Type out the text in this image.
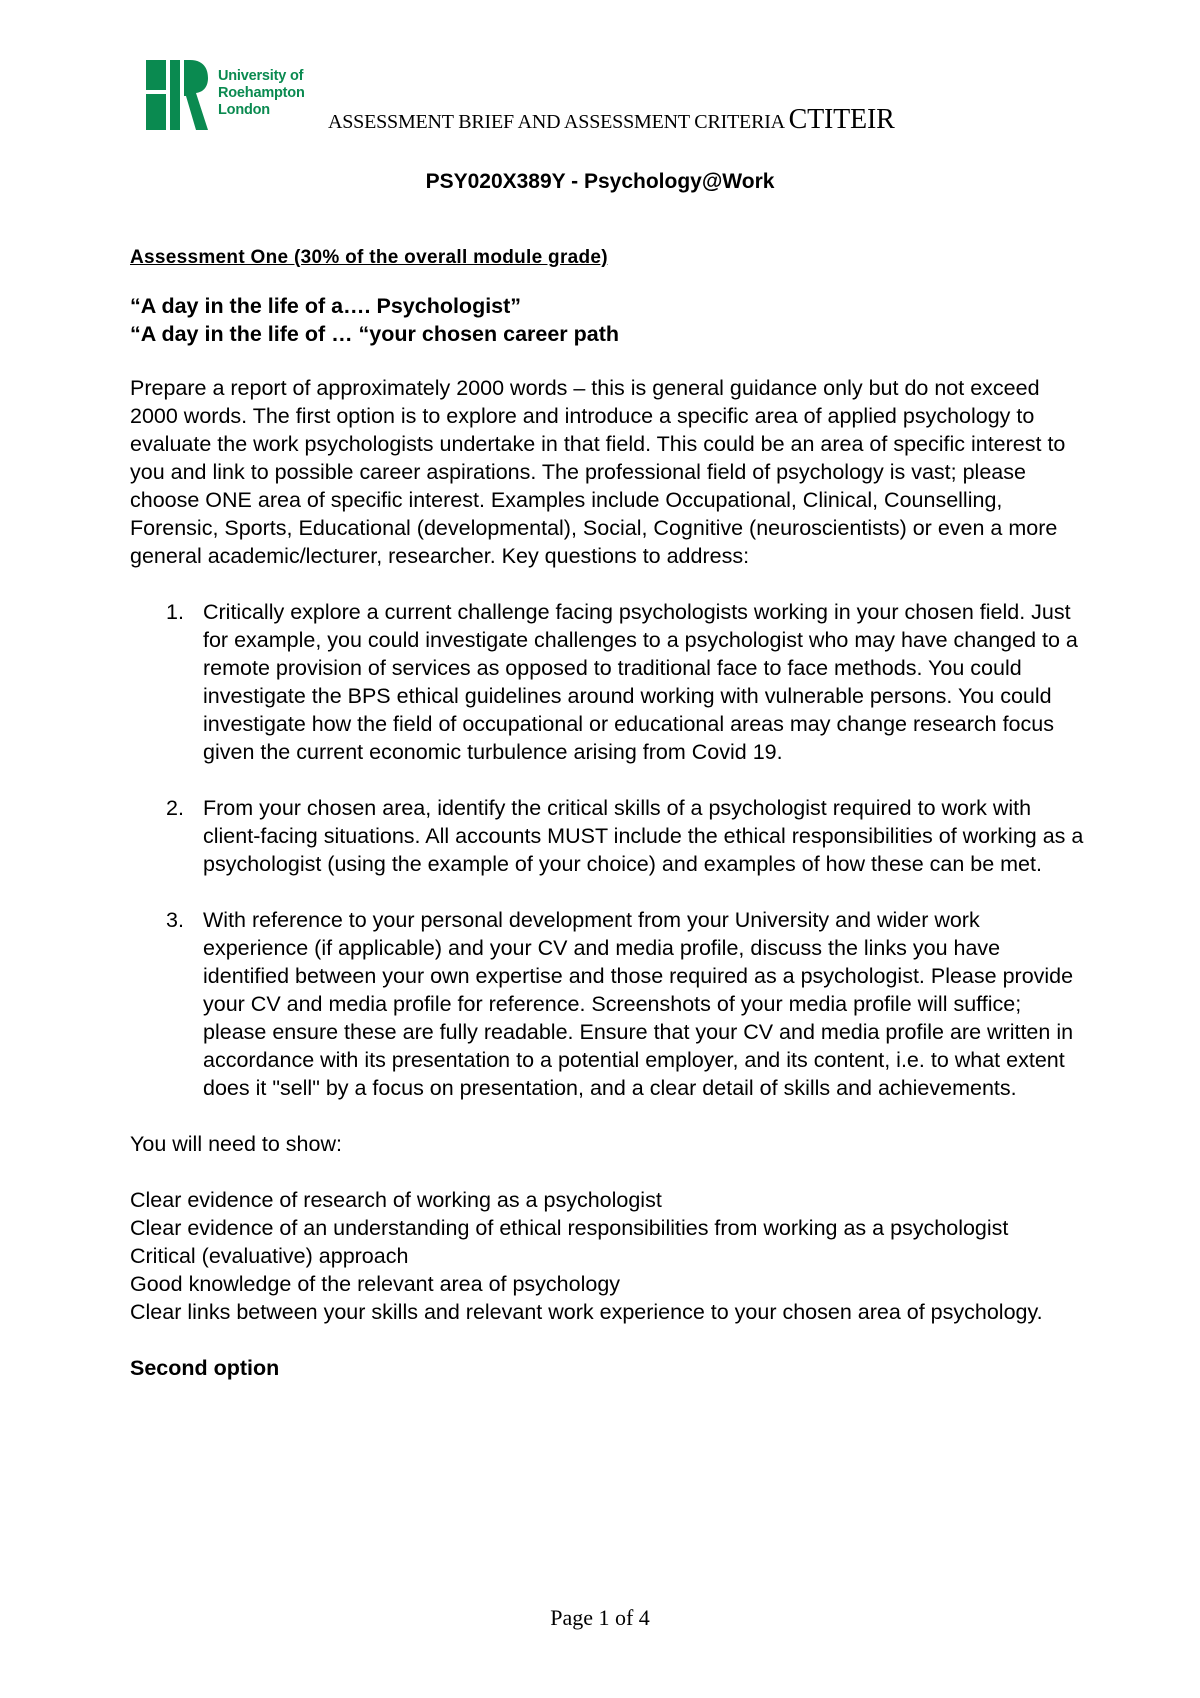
University of
Roehampton
London
ASSESSMENT BRIEF AND ASSESSMENT CRITERIA CTITEIR
PSY020X389Y - Psychology@Work

Assessment One (30% of the overall module grade)

“A day in the life of a…. Psychologist”
“A day in the life of … “your chosen career path

Prepare a report of approximately 2000 words – this is general guidance only but do not exceed 2000 words. The first option is to explore and introduce a specific area of applied psychology to evaluate the work psychologists undertake in that field. This could be an area of specific interest to you and link to possible career aspirations. The professional field of psychology is vast; please choose ONE area of specific interest. Examples include Occupational, Clinical, Counselling, Forensic, Sports, Educational (developmental), Social, Cognitive (neuroscientists) or even a more general academic/lecturer, researcher. Key questions to address:

1. Critically explore a current challenge facing psychologists working in your chosen field. Just for example, you could investigate challenges to a psychologist who may have changed to a remote provision of services as opposed to traditional face to face methods. You could investigate the BPS ethical guidelines around working with vulnerable persons. You could investigate how the field of occupational or educational areas may change research focus given the current economic turbulence arising from Covid 19.
2. From your chosen area, identify the critical skills of a psychologist required to work with client-facing situations. All accounts MUST include the ethical responsibilities of working as a psychologist (using the example of your choice) and examples of how these can be met.
3. With reference to your personal development from your University and wider work experience (if applicable) and your CV and media profile, discuss the links you have identified between your own expertise and those required as a psychologist. Please provide your CV and media profile for reference. Screenshots of your media profile will suffice; please ensure these are fully readable. Ensure that your CV and media profile are written in accordance with its presentation to a potential employer, and its content, i.e. to what extent does it "sell" by a focus on presentation, and a clear detail of skills and achievements.

You will need to show:

Clear evidence of research of working as a psychologist
Clear evidence of an understanding of ethical responsibilities from working as a psychologist
Critical (evaluative) approach
Good knowledge of the relevant area of psychology
Clear links between your skills and relevant work experience to your chosen area of psychology.

Second option

Page 1 of 4
